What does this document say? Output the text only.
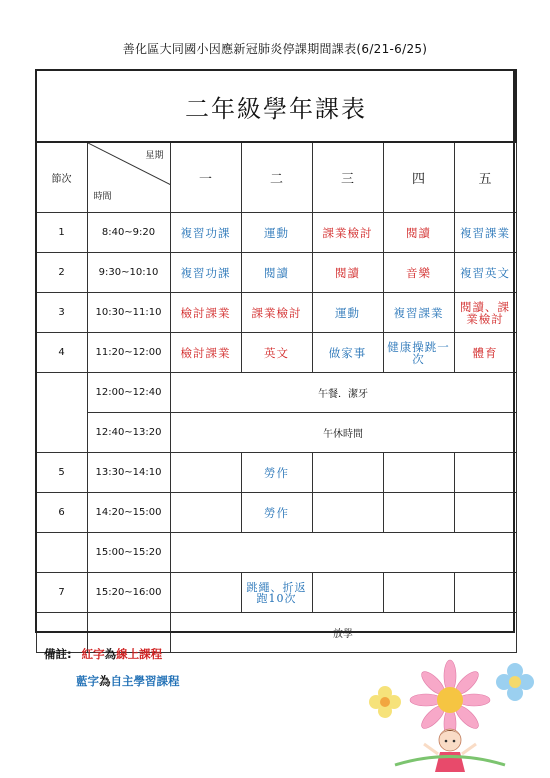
善化區大同國小因應新冠肺炎停課期間課表(6/21-6/25)
二年級學年課表						
節次	星期
時間	一	二	三	四	五
1	8:40~9:20	複習功課	運動	課業檢討	閱讀	複習課業
2	9:30~10:10	複習功課	閱讀	閱讀	音樂	複習英文
3	10:30~11:10	檢討課業	課業檢討	運動	複習課業	閱讀、課業檢討
4	11:20~12:00	檢討課業	英文	做家事	健康操跳一次	體育
	12:00~12:40	午餐．潔牙				
	12:40~13:20	午休時間				
5	13:30~14:10		勞作			
6	14:20~15:00		勞作			
	15:00~15:20					
7	15:20~16:00		跳繩、折返跑10次			
		放學				
備註: 紅字為線上課程
藍字為自主學習課程
